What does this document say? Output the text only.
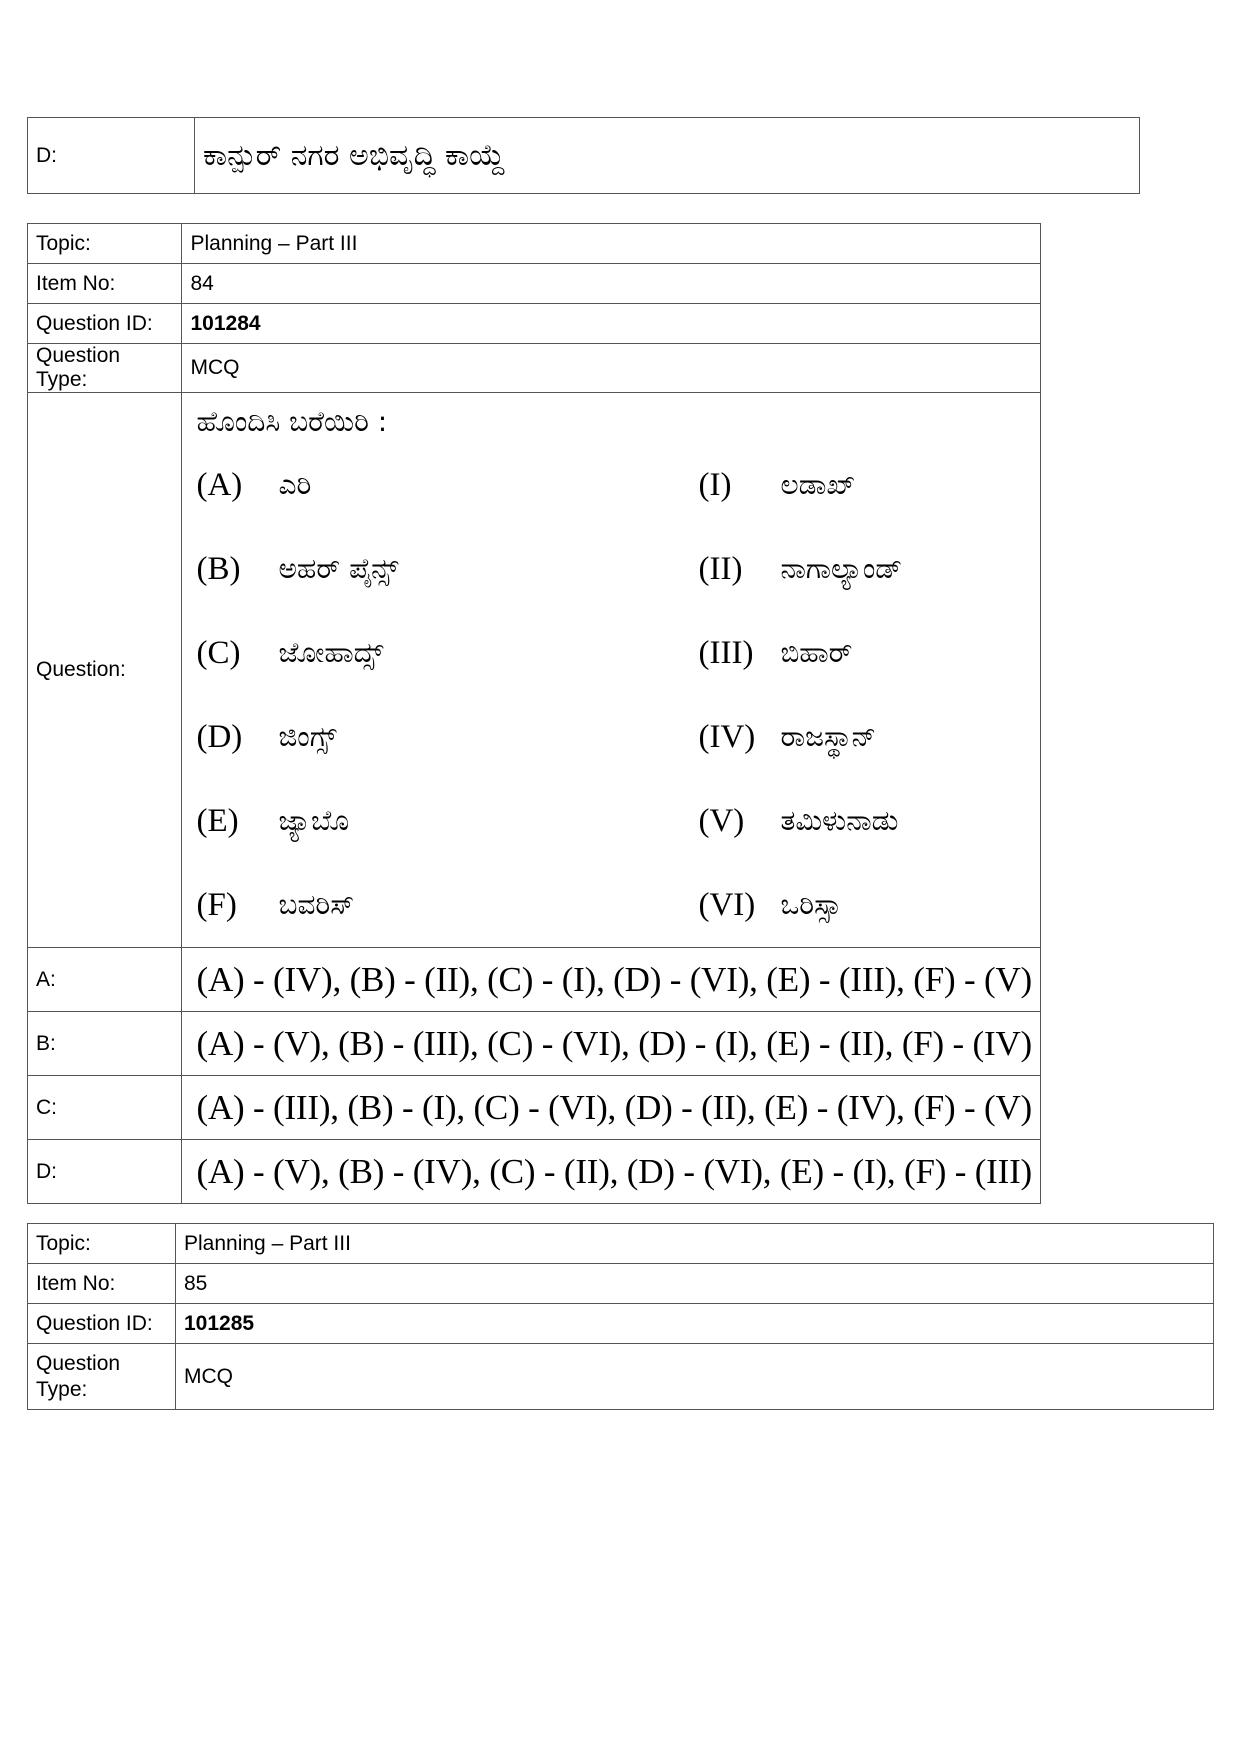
D:	ಕಾನ್ಪುರ್ ನಗರ ಅಭಿವೃದ್ಧಿ ಕಾಯ್ದೆ
Topic:	Planning – Part III
Item No:	84
Question ID:	101284
Question Type:	MCQ
Question:	
ಹೊಂದಿಸಿ ಬರೆಯಿರಿ :
(A)	ಎರಿ	(I)	ಲಡಾಖ್
(B)	ಅಹರ್ ಪೈನ್ಸ್	(II)	ನಾಗಾಲ್ಯಾಂಡ್
(C)	ಜೋಹಾದ್ಸ್	(III)	ಬಿಹಾರ್
(D)	ಜಿಂಗ್ಸ್	(IV)	ರಾಜಸ್ಥಾನ್
(E)	ಜ್ಯಾಬೊ	(V)	ತಮಿಳುನಾಡು
(F)	ಬವರಿಸ್	(VI)	ಒರಿಸ್ಸಾ

A:	(A) - (IV), (B) - (II), (C) - (I), (D) - (VI), (E) - (III), (F) - (V)
B:	(A) - (V), (B) - (III), (C) - (VI), (D) - (I), (E) - (II), (F) - (IV)
C:	(A) - (III), (B) - (I), (C) - (VI), (D) - (II), (E) - (IV), (F) - (V)
D:	(A) - (V), (B) - (IV), (C) - (II), (D) - (VI), (E) - (I), (F) - (III)
Topic:	Planning – Part III
Item No:	85
Question ID:	101285
Question Type:	MCQ
